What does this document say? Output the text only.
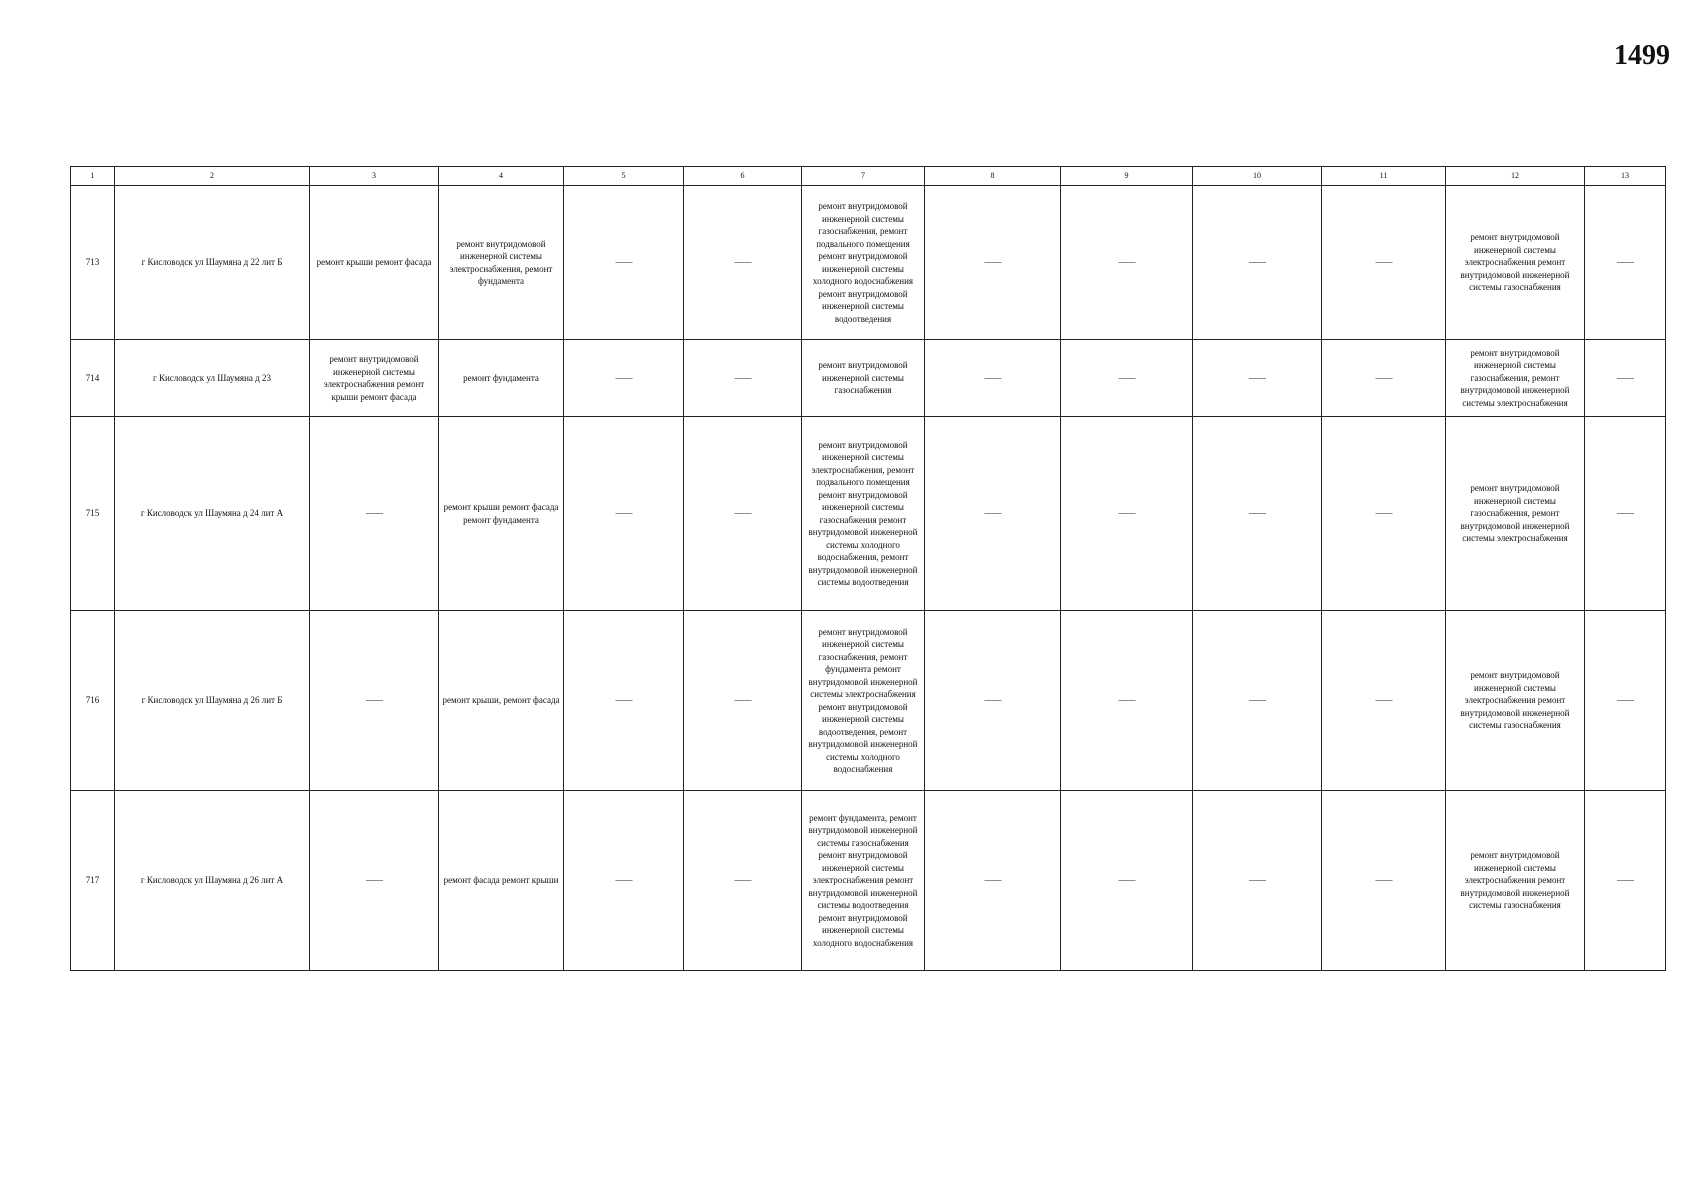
1499
1	2	3	4	5	6	7	8	9	10	11	12	13
713	г Кисловодск ул Шаумяна д 22 лит Б	ремонт крыши ремонт фасада	ремонт внутридомовой инженерной системы электроснабжения, ремонт фундамента	——	——	ремонт внутридомовой инженерной системы газоснабжения, ремонт подвального помещения ремонт внутридомовой инженерной системы холодного водоснабжения ремонт внутридомовой инженерной системы водоотведения	——	——	——	——	ремонт внутридомовой инженерной системы электроснабжения ремонт внутридомовой инженерной системы газоснабжения	——
714	г Кисловодск ул Шаумяна д 23	ремонт внутридомовой инженерной системы электроснабжения ремонт крыши ремонт фасада	ремонт фундамента	——	——	ремонт внутридомовой инженерной системы газоснабжения	——	——	——	——	ремонт внутридомовой инженерной системы газоснабжения, ремонт внутридомовой инженерной системы электроснабжения	——
715	г Кисловодск ул Шаумяна д 24 лит А	——	ремонт крыши ремонт фасада ремонт фундамента	——	——	ремонт внутридомовой инженерной системы электроснабжения, ремонт подвального помещения ремонт внутридомовой инженерной системы газоснабжения ремонт внутридомовой инженерной системы холодного водоснабжения, ремонт внутридомовой инженерной системы водоотведения	——	——	——	——	ремонт внутридомовой инженерной системы газоснабжения, ремонт внутридомовой инженерной системы электроснабжения	——
716	г Кисловодск ул Шаумяна д 26 лит Б	——	ремонт крыши, ремонт фасада	——	——	ремонт внутридомовой инженерной системы газоснабжения, ремонт фундамента ремонт внутридомовой инженерной системы электроснабжения ремонт внутридомовой инженерной системы водоотведения, ремонт внутридомовой инженерной системы холодного водоснабжения	——	——	——	——	ремонт внутридомовой инженерной системы электроснабжения ремонт внутридомовой инженерной системы газоснабжения	——
717	г Кисловодск ул Шаумяна д 26 лит А	——	ремонт фасада ремонт крыши	——	——	ремонт фундамента, ремонт внутридомовой инженерной системы газоснабжения ремонт внутридомовой инженерной системы электроснабжения ремонт внутридомовой инженерной системы водоотведения ремонт внутридомовой инженерной системы холодного водоснабжения	——	——	——	——	ремонт внутридомовой инженерной системы электроснабжения ремонт внутридомовой инженерной системы газоснабжения	——
